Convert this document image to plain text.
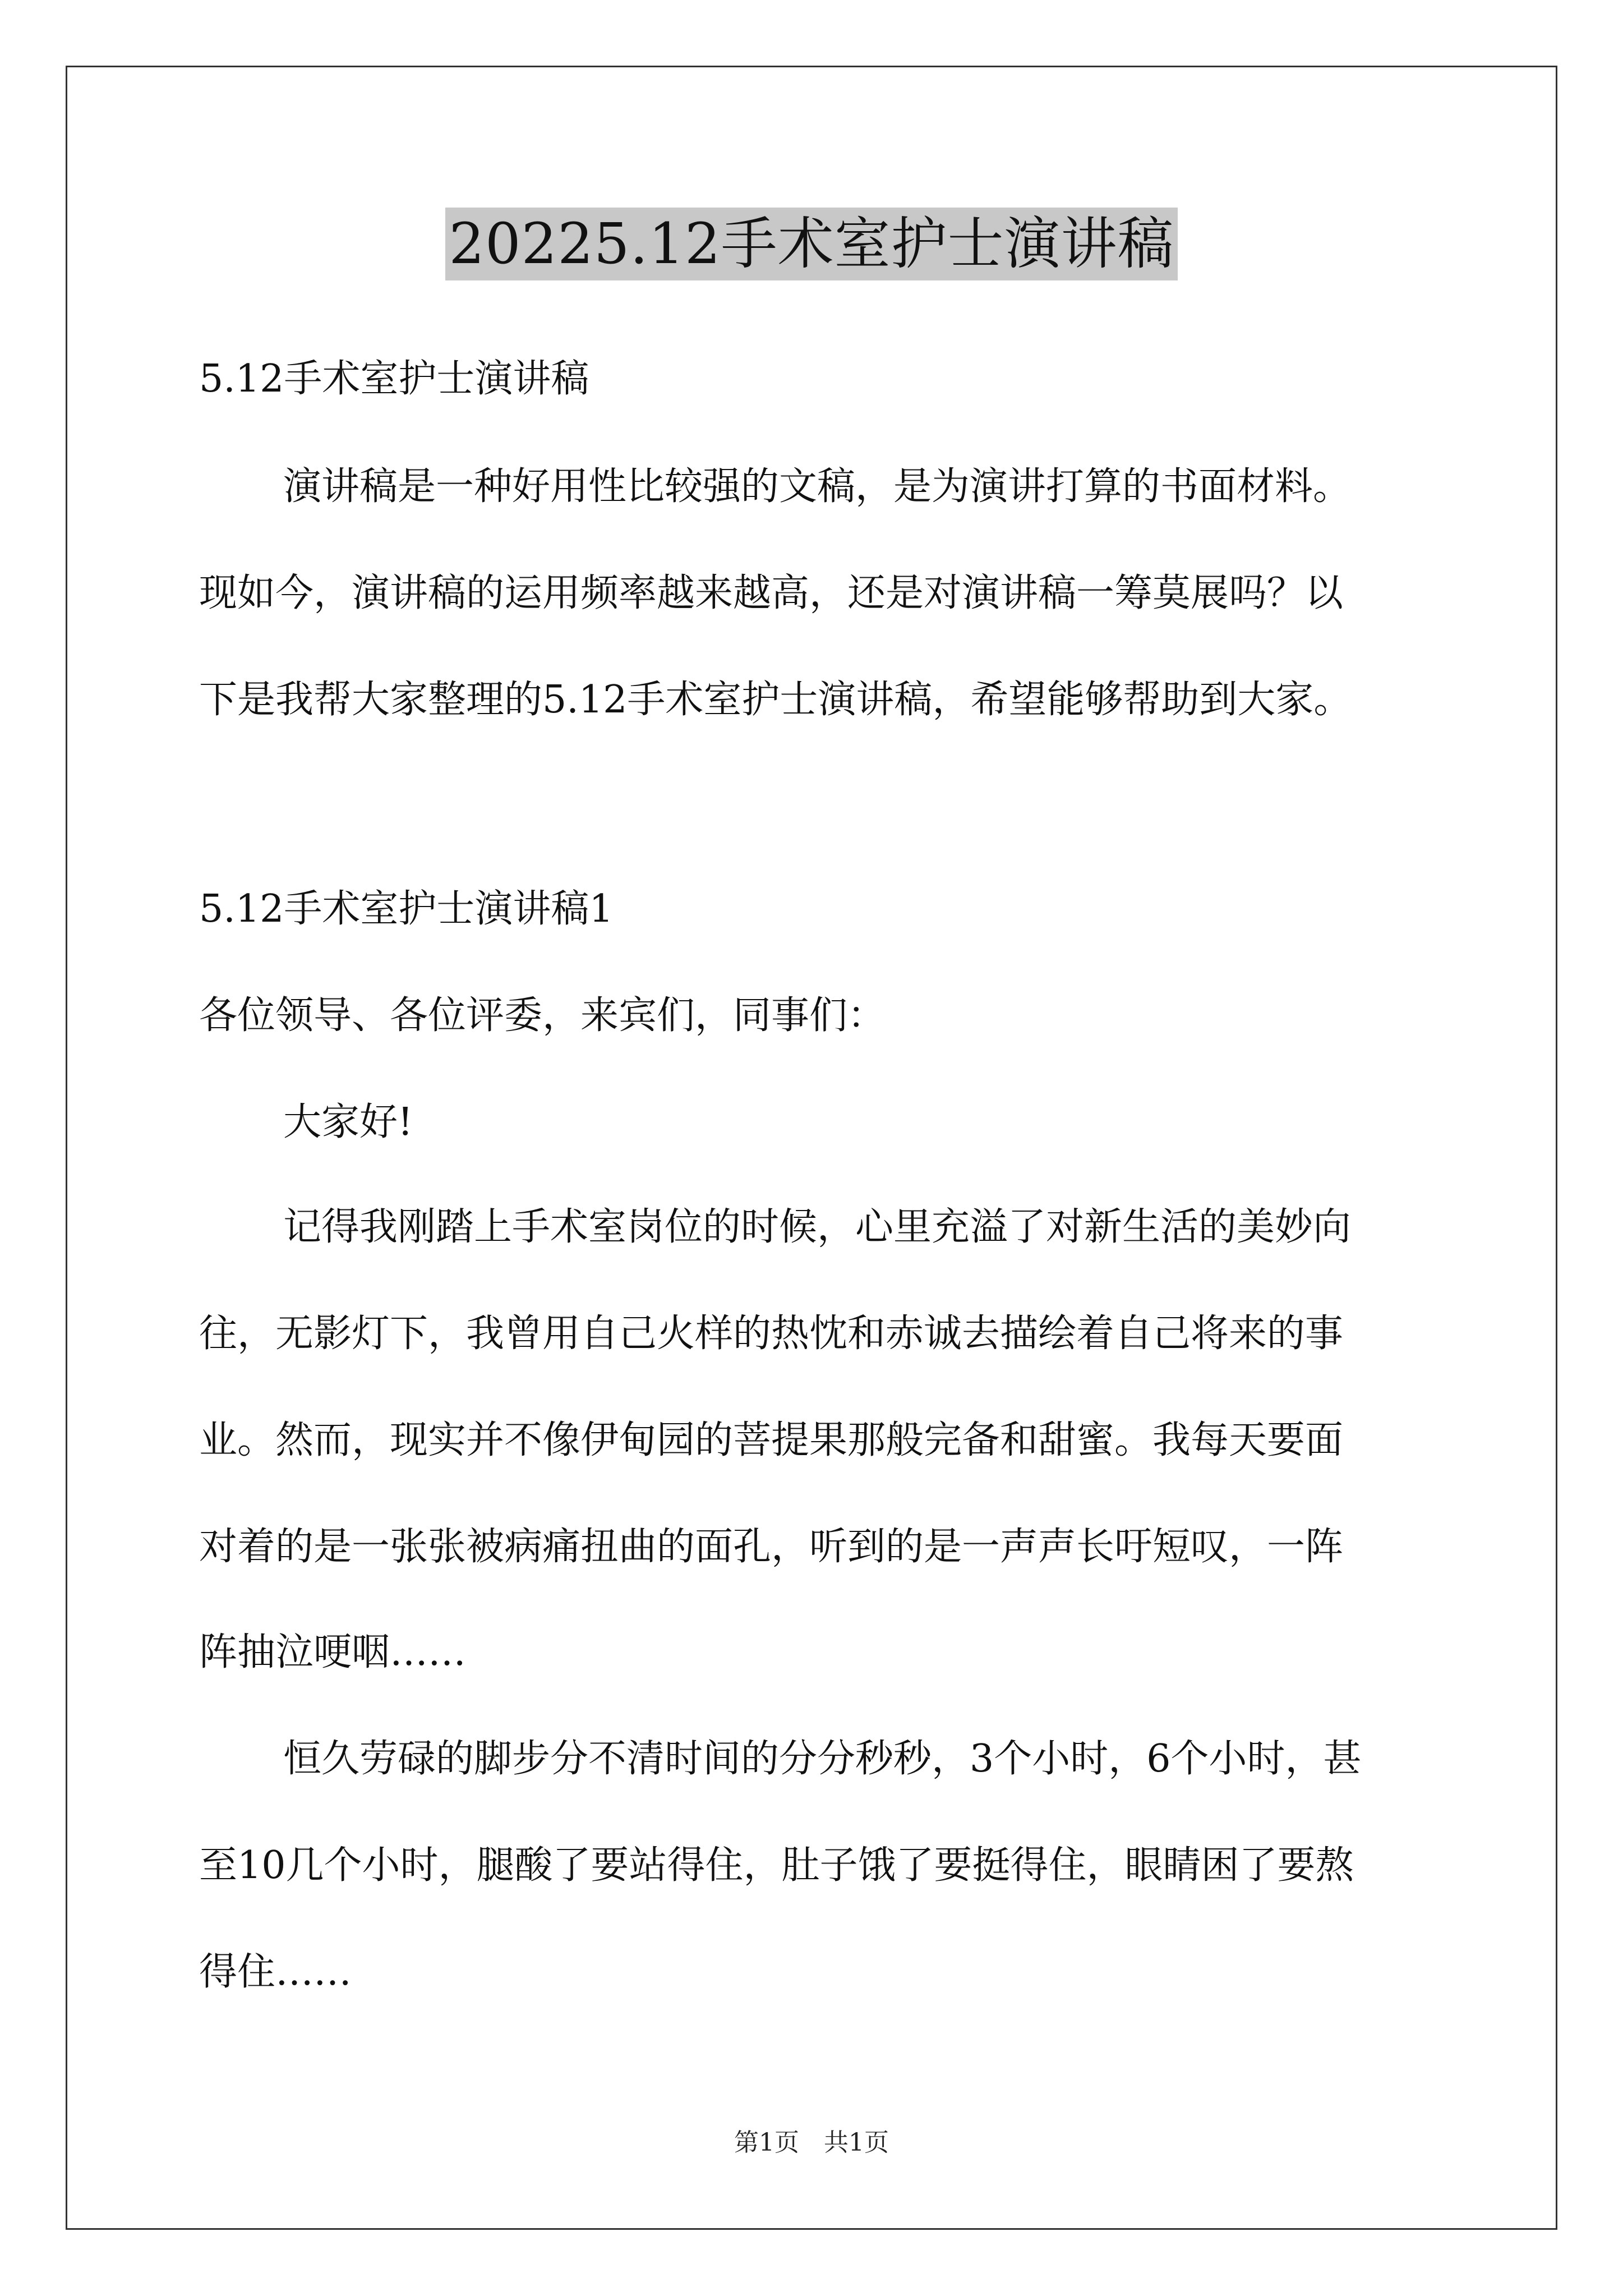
20225.12手术室护士演讲稿
5.12手术室护士演讲稿
演讲稿是一种好用性比较强的文稿，是为演讲打算的书面材料。
现如今，演讲稿的运用频率越来越高，还是对演讲稿一筹莫展吗？以
下是我帮大家整理的5.12手术室护士演讲稿，希望能够帮助到大家。
5.12手术室护士演讲稿1
各位领导、各位评委，来宾们，同事们：
大家好!
记得我刚踏上手术室岗位的时候，心里充溢了对新生活的美妙向
往，无影灯下，我曾用自己火样的热忱和赤诚去描绘着自己将来的事
业。然而，现实并不像伊甸园的菩提果那般完备和甜蜜。我每天要面
对着的是一张张被病痛扭曲的面孔，听到的是一声声长吁短叹，一阵
阵抽泣哽咽……
恒久劳碌的脚步分不清时间的分分秒秒，3个小时，6个小时，甚
至10几个小时，腿酸了要站得住，肚子饿了要挺得住，眼睛困了要熬
得住……
第1页　共1页
